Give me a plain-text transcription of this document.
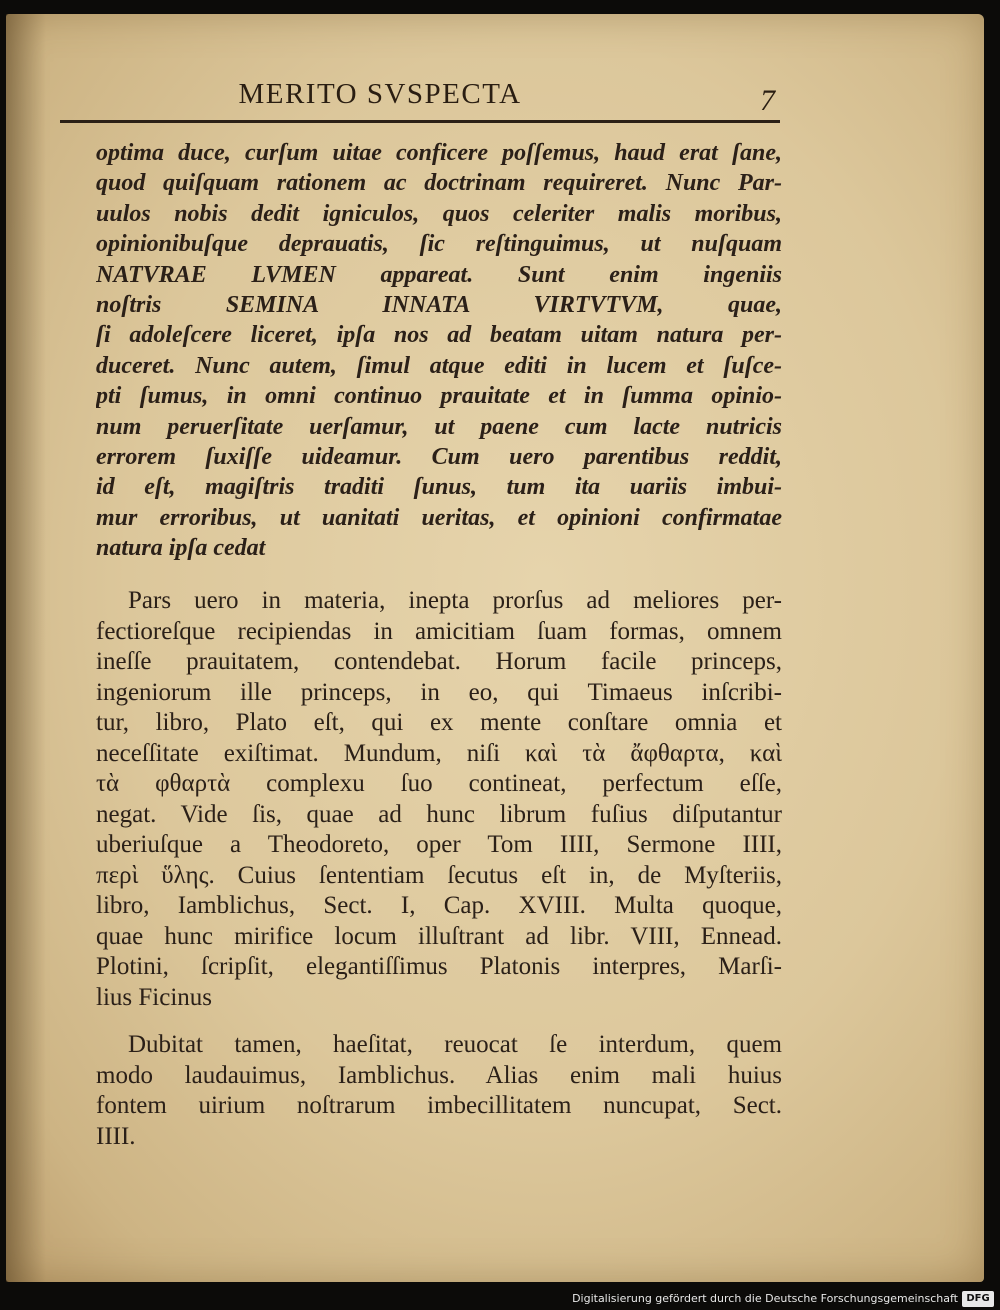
MERITO SVSPECTA	7
optima duce, curſum uitae conficere poſſemus, haud erat ſane,
quod quiſquam rationem ac doctrinam requireret. Nunc Par-
uulos nobis dedit igniculos, quos celeriter malis moribus,
opinionibuſque deprauatis, ſic reſtinguimus, ut nuſquam
NATVRAE LVMEN appareat. Sunt enim ingeniis
noſtris SEMINA INNATA VIRTVTVM, quae,
ſi adoleſcere liceret, ipſa nos ad beatam uitam natura per-
duceret. Nunc autem, ſimul atque editi in lucem et ſuſce-
pti ſumus, in omni continuo prauitate et in ſumma opinio-
num peruerſitate uerſamur, ut paene cum lacte nutricis
errorem ſuxiſſe uideamur. Cum uero parentibus reddit,
id eſt, magiſtris traditi ſunus, tum ita uariis imbui-
mur erroribus, ut uanitati ueritas, et opinioni confirmatae
natura ipſa cedat
Pars uero in materia, inepta prorſus ad meliores per-
fectioreſque recipiendas in amicitiam ſuam formas, omnem
ineſſe prauitatem, contendebat. Horum facile princeps,
ingeniorum ille princeps, in eo, qui Timaeus inſcribi-
tur, libro, Plato eſt, qui ex mente conſtare omnia et
neceſſitate exiſtimat. Mundum, niſi καὶ τὰ ἄφθαρτα, καὶ
τὰ φθαρτὰ complexu ſuo contineat, perfectum eſſe,
negat. Vide ſis, quae ad hunc librum fuſius diſputantur
uberiuſque a Theodoreto, oper Tom IIII, Sermone IIII,
περὶ ὕλης. Cuius ſententiam ſecutus eſt in, de Myſteriis,
libro, Iamblichus, Sect. I, Cap. XVIII. Multa quoque,
quae hunc mirifice locum illuſtrant ad libr. VIII, Ennead.
Plotini, ſcripſit, elegantiſſimus Platonis interpres, Marſi-
lius Ficinus
Dubitat tamen, haeſitat, reuocat ſe interdum, quem
modo laudauimus, Iamblichus. Alias enim mali huius
fontem uirium noſtrarum imbecillitatem nuncupat, Sect.
IIII.
Digitalisierung gefördert durch die Deutsche Forschungsgemeinschaft DFG
